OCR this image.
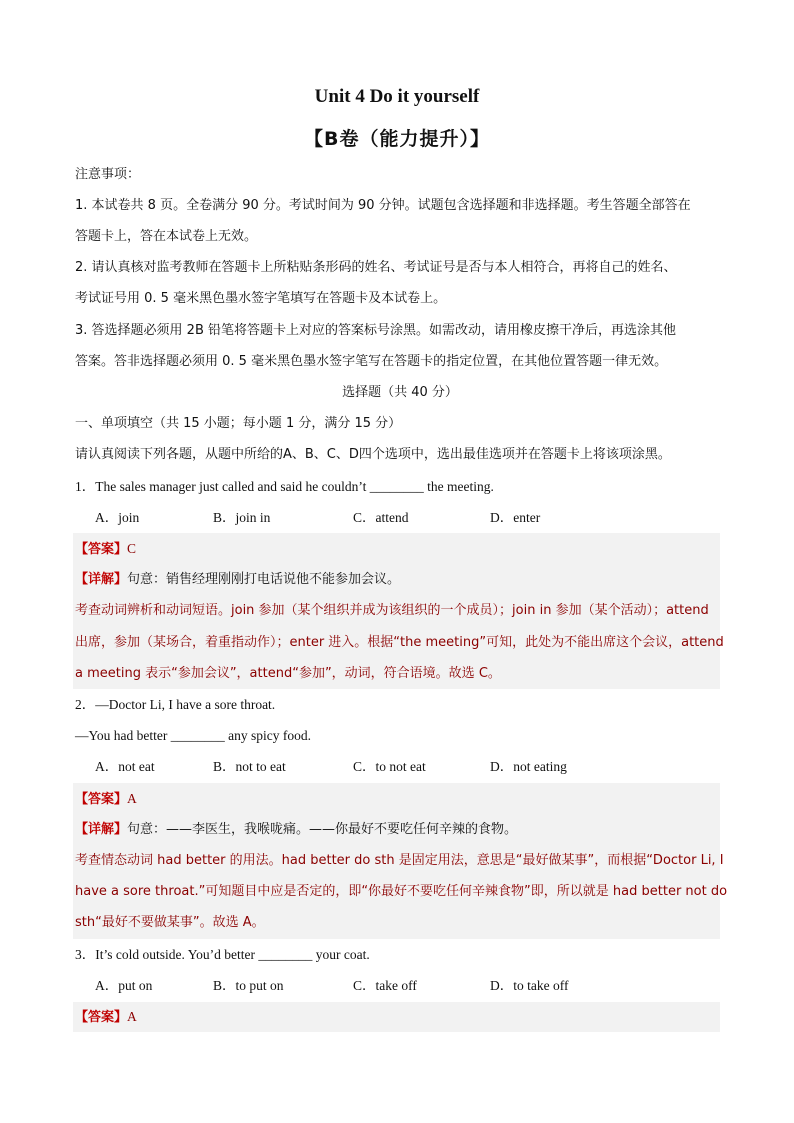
Unit 4 Do it yourself
【B卷（能力提升）】
注意事项：
1. 本试卷共 8 页。全卷满分 90 分。考试时间为 90 分钟。试题包含选择题和非选择题。考生答题全部答在
答题卡上，答在本试卷上无效。
2. 请认真核对监考教师在答题卡上所粘贴条形码的姓名、考试证号是否与本人相符合，再将自己的姓名、
考试证号用 0. 5 毫米黑色墨水签字笔填写在答题卡及本试卷上。
3. 答选择题必须用 2B 铅笔将答题卡上对应的答案标号涂黑。如需改动，请用橡皮擦干净后，再选涂其他
答案。答非选择题必须用 0. 5 毫米黑色墨水签字笔写在答题卡的指定位置，在其他位置答题一律无效。
选择题（共 40 分）
一、单项填空（共 15 小题；每小题 1 分，满分 15 分）
请认真阅读下列各题，从题中所给的A、B、C、D四个选项中，选出最佳选项并在答题卡上将该项涂黑。
1．The sales manager just called and said he couldn’t ________ the meeting.
A．join	B．join in	C．attend	D．enter
【答案】C
【详解】句意：销售经理刚刚打电话说他不能参加会议。
考查动词辨析和动词短语。join 参加（某个组织并成为该组织的一个成员）；join in 参加（某个活动）；attend
出席，参加（某场合，着重指动作）；enter 进入。根据“the meeting”可知，此处为不能出席这个会议，attend
a meeting 表示“参加会议”，attend“参加”，动词，符合语境。故选 C。
2．—Doctor Li, I have a sore throat.
—You had better ________ any spicy food.
A．not eat	B．not to eat	C．to not eat	D．not eating
【答案】A
【详解】句意：——李医生，我喉咙痛。——你最好不要吃任何辛辣的食物。
考查情态动词 had better 的用法。had better do sth 是固定用法，意思是“最好做某事”，而根据“Doctor Li, I
have a sore throat.”可知题目中应是否定的，即“你最好不要吃任何辛辣食物”即，所以就是 had better not do
sth“最好不要做某事”。故选 A。
3．It’s cold outside. You’d better ________ your coat.
A．put on	B．to put on	C．take off	D．to take off
【答案】A
